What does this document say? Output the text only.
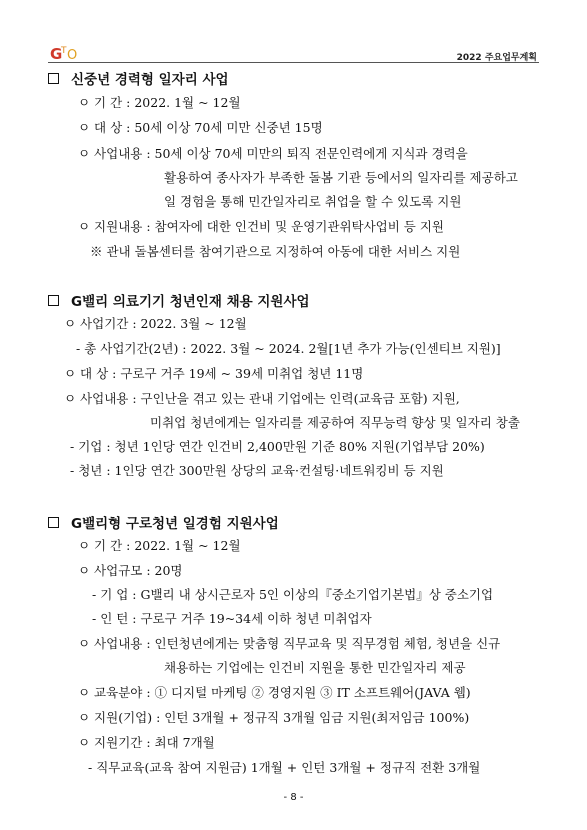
G
T O	2022 주요업무계획
신중년 경력형 일자리 사업
ㅇ 기 간 : 2022. 1월 ~ 12월
ㅇ 대 상 : 50세 이상 70세 미만 신중년 15명
ㅇ 사업내용 : 50세 이상 70세 미만의 퇴직 전문인력에게 지식과 경력을
활용하여 종사자가 부족한 돌봄 기관 등에서의 일자리를 제공하고
일 경험을 통해 민간일자리로 취업을 할 수 있도록 지원
ㅇ 지원내용 : 참여자에 대한 인건비 및 운영기관위탁사업비 등 지원
※ 관내 돌봄센터를 참여기관으로 지정하여 아동에 대한 서비스 지원
G밸리 의료기기 청년인재 채용 지원사업
ㅇ 사업기간 : 2022. 3월 ~ 12월
- 총 사업기간(2년) : 2022. 3월 ~ 2024. 2월[1년 추가 가능(인센티브 지원)]
ㅇ 대 상 : 구로구 거주 19세 ~ 39세 미취업 청년 11명
ㅇ 사업내용 : 구인난을 겪고 있는 관내 기업에는 인력(교육금 포함) 지원,
미취업 청년에게는 일자리를 제공하여 직무능력 향상 및 일자리 창출
- 기업 : 청년 1인당 연간 인건비 2,400만원 기준 80% 지원(기업부담 20%)
- 청년 : 1인당 연간 300만원 상당의 교육·컨설팅·네트워킹비 등 지원
G밸리형 구로청년 일경험 지원사업
ㅇ 기 간 : 2022. 1월 ~ 12월
ㅇ 사업규모 : 20명
- 기 업 : G밸리 내 상시근로자 5인 이상의『중소기업기본법』상 중소기업
- 인 턴 : 구로구 거주 19~34세 이하 청년 미취업자
ㅇ 사업내용 : 인턴청년에게는 맞춤형 직무교육 및 직무경험 체험, 청년을 신규
채용하는 기업에는 인건비 지원을 통한 민간일자리 제공
ㅇ 교육분야 : ① 디지털 마케팅 ② 경영지원 ③ IT 소프트웨어(JAVA 웹)
ㅇ 지원(기업) : 인턴 3개월 + 정규직 3개월 임금 지원(최저임금 100%)
ㅇ 지원기간 : 최대 7개월
- 직무교육(교육 참여 지원금) 1개월 + 인턴 3개월 + 정규직 전환 3개월
- 8 -
